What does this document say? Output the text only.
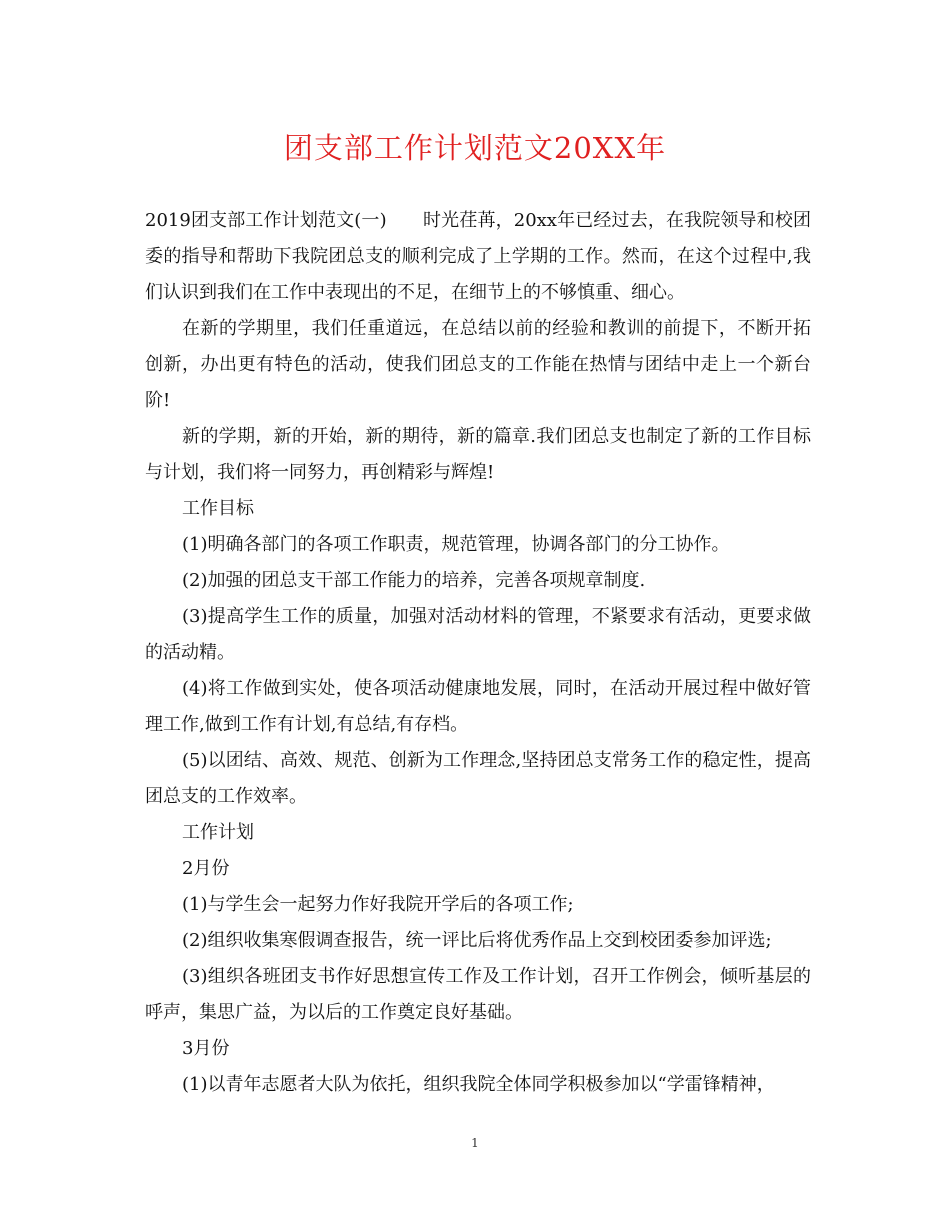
团支部工作计划范文20XX年

2019团支部工作计划范文(一)　　时光荏苒，20xx年已经过去，在我院领导和校团委的指导和帮助下我院团总支的顺利完成了上学期的工作。然而，在这个过程中,我们认识到我们在工作中表现出的不足，在细节上的不够慎重、细心。

在新的学期里，我们任重道远，在总结以前的经验和教训的前提下，不断开拓创新，办出更有特色的活动，使我们团总支的工作能在热情与团结中走上一个新台阶!

新的学期，新的开始，新的期待，新的篇章.我们团总支也制定了新的工作目标与计划，我们将一同努力，再创精彩与辉煌!

工作目标

(1)明确各部门的各项工作职责，规范管理，协调各部门的分工协作。

(2)加强的团总支干部工作能力的培养，完善各项规章制度.

(3)提高学生工作的质量，加强对活动材料的管理，不紧要求有活动，更要求做的活动精。

(4)将工作做到实处，使各项活动健康地发展，同时，在活动开展过程中做好管理工作,做到工作有计划,有总结,有存档。

(5)以团结、高效、规范、创新为工作理念,坚持团总支常务工作的稳定性，提高团总支的工作效率。

工作计划

2月份

(1)与学生会一起努力作好我院开学后的各项工作;

(2)组织收集寒假调查报告，统一评比后将优秀作品上交到校团委参加评选;

(3)组织各班团支书作好思想宣传工作及工作计划，召开工作例会，倾听基层的呼声，集思广益，为以后的工作奠定良好基础。

3月份

(1)以青年志愿者大队为依托，组织我院全体同学积极参加以“学雷锋精神，

1
